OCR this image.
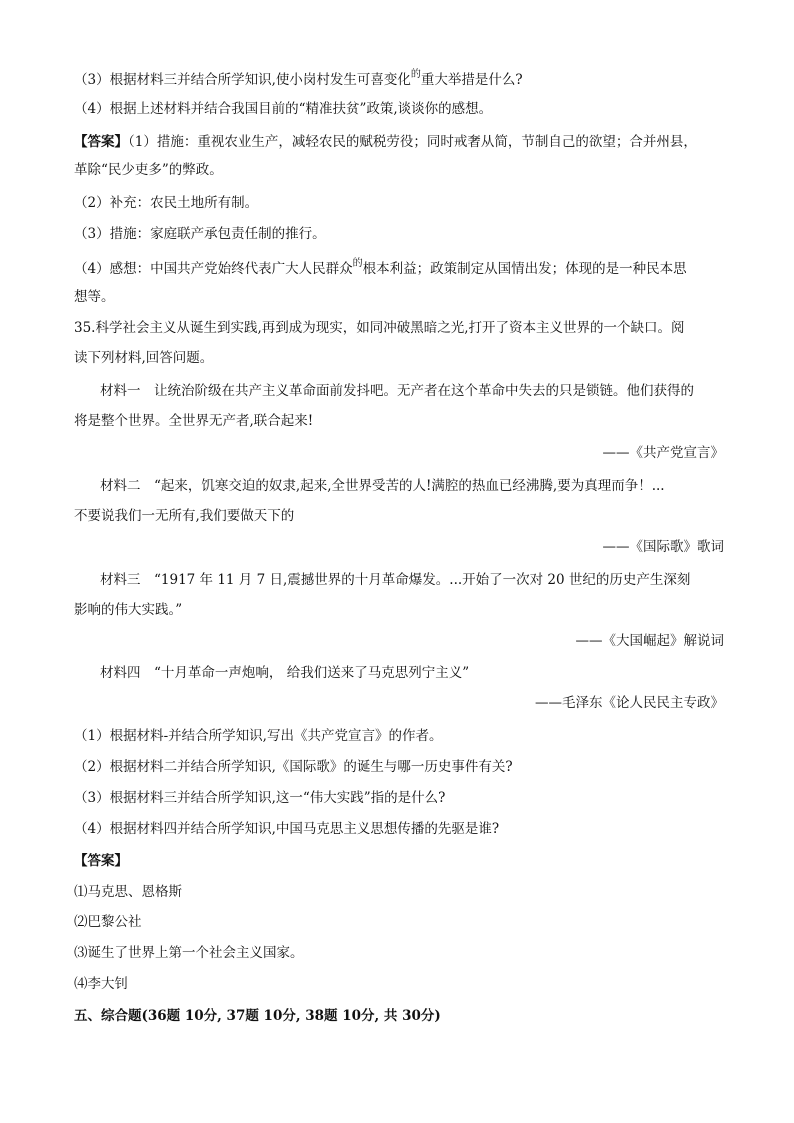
（3）根据材料三并结合所学知识,使小岗村发生可喜变化$^的$重大举措是什么?
（4）根据上述材料并结合我国目前的“精准扶贫”政策,谈谈你的感想。
【答案】（1）措施：重视农业生产，减轻农民的赋税劳役；同时戒奢从简，节制自己的欲望；合并州县，
革除“民少吏多”的弊政。
（2）补充：农民土地所有制。
（3）措施：家庭联产承包责任制的推行。
（4）感想：中国共产党始终代表广大人民群众$^的$根本利益；政策制定从国情出发；体现的是一种民本思
想等。
35.科学社会主义从诞生到实践,再到成为现实，如同冲破黑暗之光,打开了资本主义世界的一个缺口。阅
读下列材料,回答问题。
材料一　让统治阶级在共产主义革命面前发抖吧。无产者在这个革命中失去的只是锁链。他们获得的
将是整个世界。全世界无产者,联合起来!
——《共产党宣言》
材料二　“起来，饥寒交迫的奴隶,起来,全世界受苦的人!满腔的热血已经沸腾,要为真理而争！...
不要说我们一无所有,我们要做天下的
——《国际歌》歌词
材料三　“1917 年 11 月 7 日,震撼世界的十月革命爆发。...开始了一次对 20 世纪的历史产生深刻
影响的伟大实践。”
——《大国崛起》解说词
材料四　“十月革命一声炮响， 给我们送来了马克思列宁主义”
——毛泽东《论人民民主专政》
（1）根据材料-并结合所学知识,写出《共产党宣言》的作者。
（2）根据材料二并结合所学知识,《国际歌》的诞生与哪一历史事件有关?
（3）根据材料三并结合所学知识,这一“伟大实践”指的是什么?
（4）根据材料四并结合所学知识,中国马克思主义思想传播的先驱是谁?
【答案】
⑴马克思、恩格斯
⑵巴黎公社
⑶诞生了世界上第一个社会主义国家。
⑷李大钊
五、综合题(36题 10分, 37题 10分, 38题 10分, 共 30分)
